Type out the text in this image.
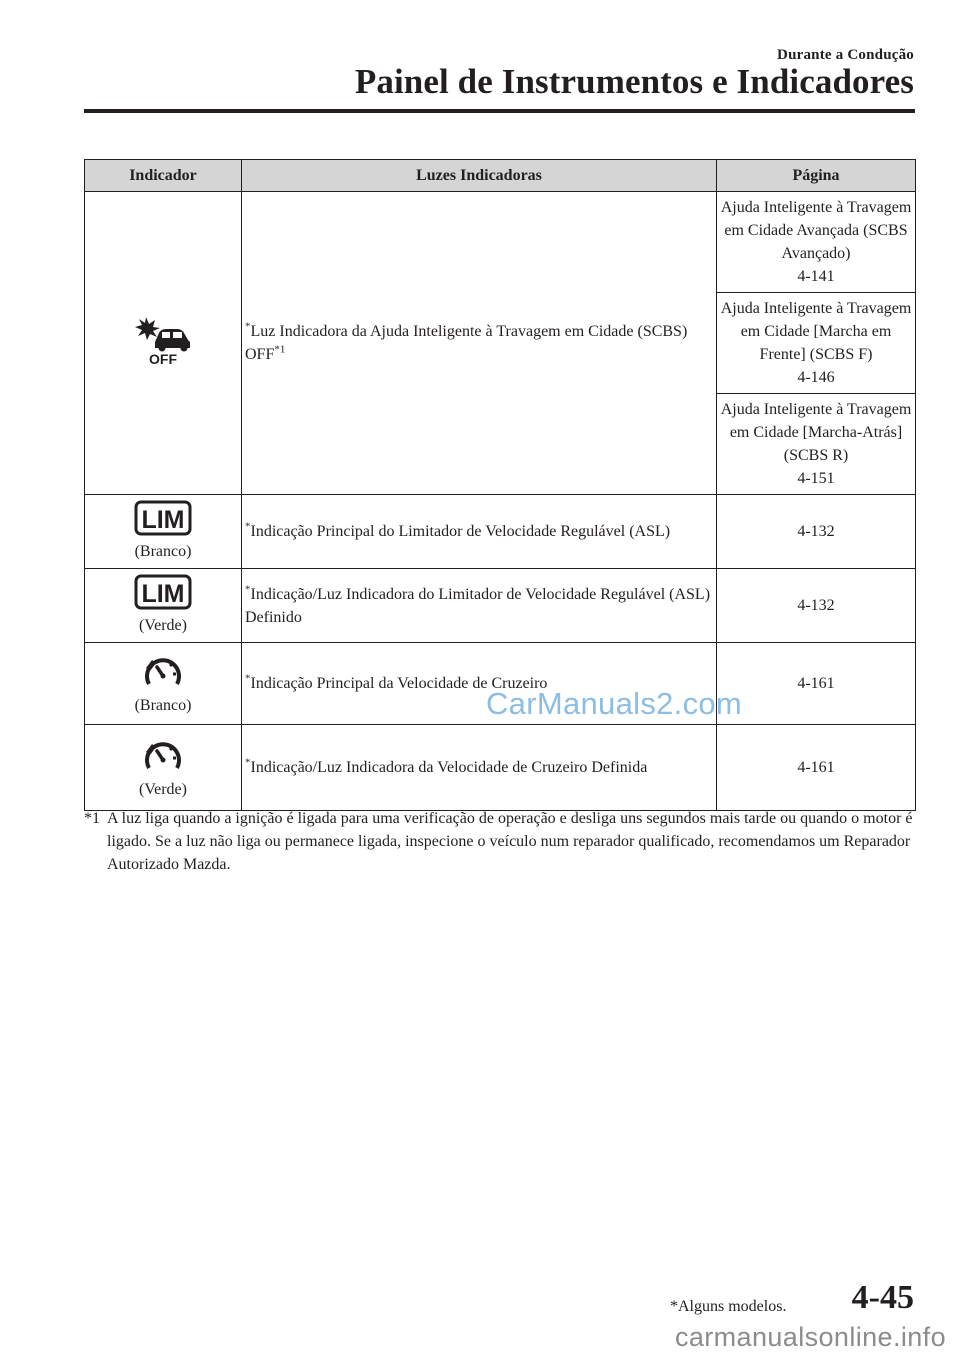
Durante a Condução
Painel de Instrumentos e Indicadores
Indicador	Luzes Indicadoras	Página

OFF	*Luz Indicadora da Ajuda Inteligente à Travagem em Cidade (SCBS) OFF$^{*1}$	Ajuda Inteligente à Travagem em Cidade Avançada (SCBS Avançado)
4-141

		Ajuda Inteligente à Travagem em Cidade [Marcha em Frente] (SCBS F)
4-146

		Ajuda Inteligente à Travagem em Cidade [Marcha-Atrás] (SCBS R)
4-151

LIM
(Branco)	*Indicação Principal do Limitador de Velocidade Regulável (ASL)	4-132

LIM
(Verde)	*Indicação/Luz Indicadora do Limitador de Velocidade Regulável (ASL) Definido	4-132

(Branco)	*Indicação Principal da Velocidade de Cruzeiro	4-161

(Verde)	*Indicação/Luz Indicadora da Velocidade de Cruzeiro Definida	4-161
*1 A luz liga quando a ignição é ligada para uma verificação de operação e desliga uns segundos mais tarde ou quando o motor é ligado. Se a luz não liga ou permanece ligada, inspecione o veículo num reparador qualificado, recomendamos um Reparador Autorizado Mazda.
CarManuals2.com
*Alguns modelos. 4-45
carmanualsonline.info
